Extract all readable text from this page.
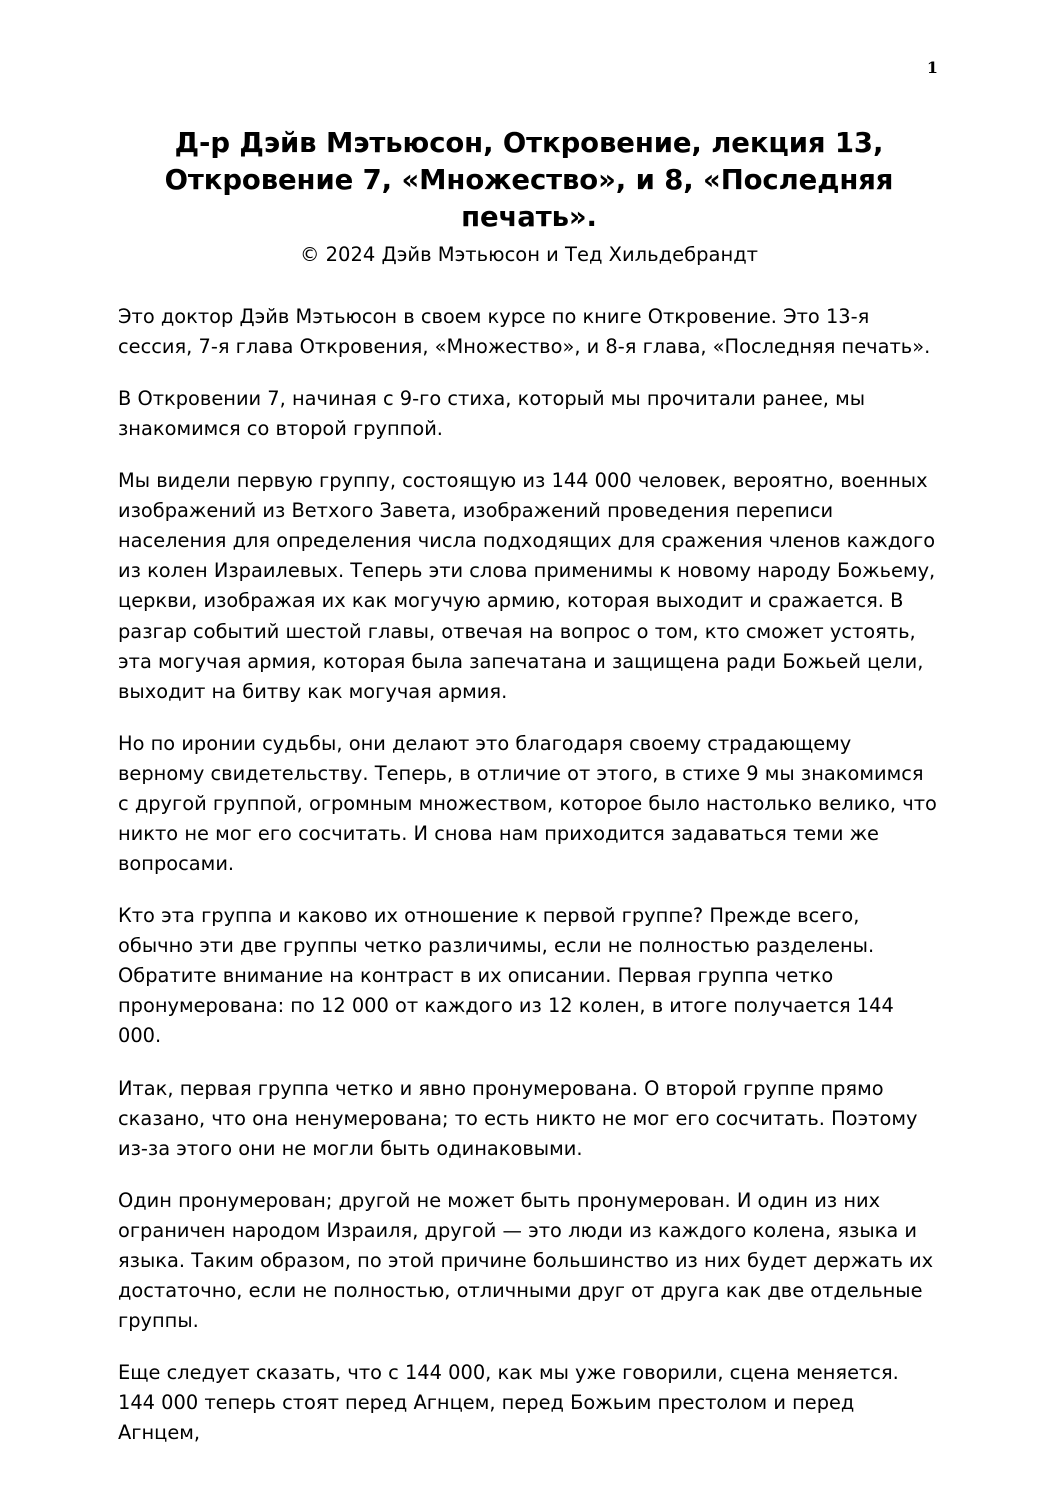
1
Д-р Дэйв Мэтьюсон, Откровение, лекция 13, Откровение 7, «Множество», и 8, «Последняя печать».
© 2024 Дэйв Мэтьюсон и Тед Хильдебрандт

Это доктор Дэйв Мэтьюсон в своем курсе по книге Откровение. Это 13-я сессия, 7-я глава Откровения, «Множество», и 8-я глава, «Последняя печать».

В Откровении 7, начиная с 9-го стиха, который мы прочитали ранее, мы знакомимся со второй группой.

Мы видели первую группу, состоящую из 144 000 человек, вероятно, военных изображений из Ветхого Завета, изображений проведения переписи населения для определения числа подходящих для сражения членов каждого из колен Израилевых. Теперь эти слова применимы к новому народу Божьему, церкви, изображая их как могучую армию, которая выходит и сражается. В разгар событий шестой главы, отвечая на вопрос о том, кто сможет устоять, эта могучая армия, которая была запечатана и защищена ради Божьей цели, выходит на битву как могучая армия.

Но по иронии судьбы, они делают это благодаря своему страдающему верному свидетельству. Теперь, в отличие от этого, в стихе 9 мы знакомимся с другой группой, огромным множеством, которое было настолько велико, что никто не мог его сосчитать. И снова нам приходится задаваться теми же вопросами.

Кто эта группа и каково их отношение к первой группе? Прежде всего, обычно эти две группы четко различимы, если не полностью разделены. Обратите внимание на контраст в их описании. Первая группа четко пронумерована: по 12 000 от каждого из 12 колен, в итоге получается 144 000.

Итак, первая группа четко и явно пронумерована. О второй группе прямо сказано, что она ненумерована; то есть никто не мог его сосчитать. Поэтому из-за этого они не могли быть одинаковыми.

Один пронумерован; другой не может быть пронумерован. И один из них ограничен народом Израиля, другой — это люди из каждого колена, языка и языка. Таким образом, по этой причине большинство из них будет держать их достаточно, если не полностью, отличными друг от друга как две отдельные группы.

Еще следует сказать, что с 144 000, как мы уже говорили, сцена меняется. 144 000 теперь стоят перед Агнцем, перед Божьим престолом и перед Агнцем,
